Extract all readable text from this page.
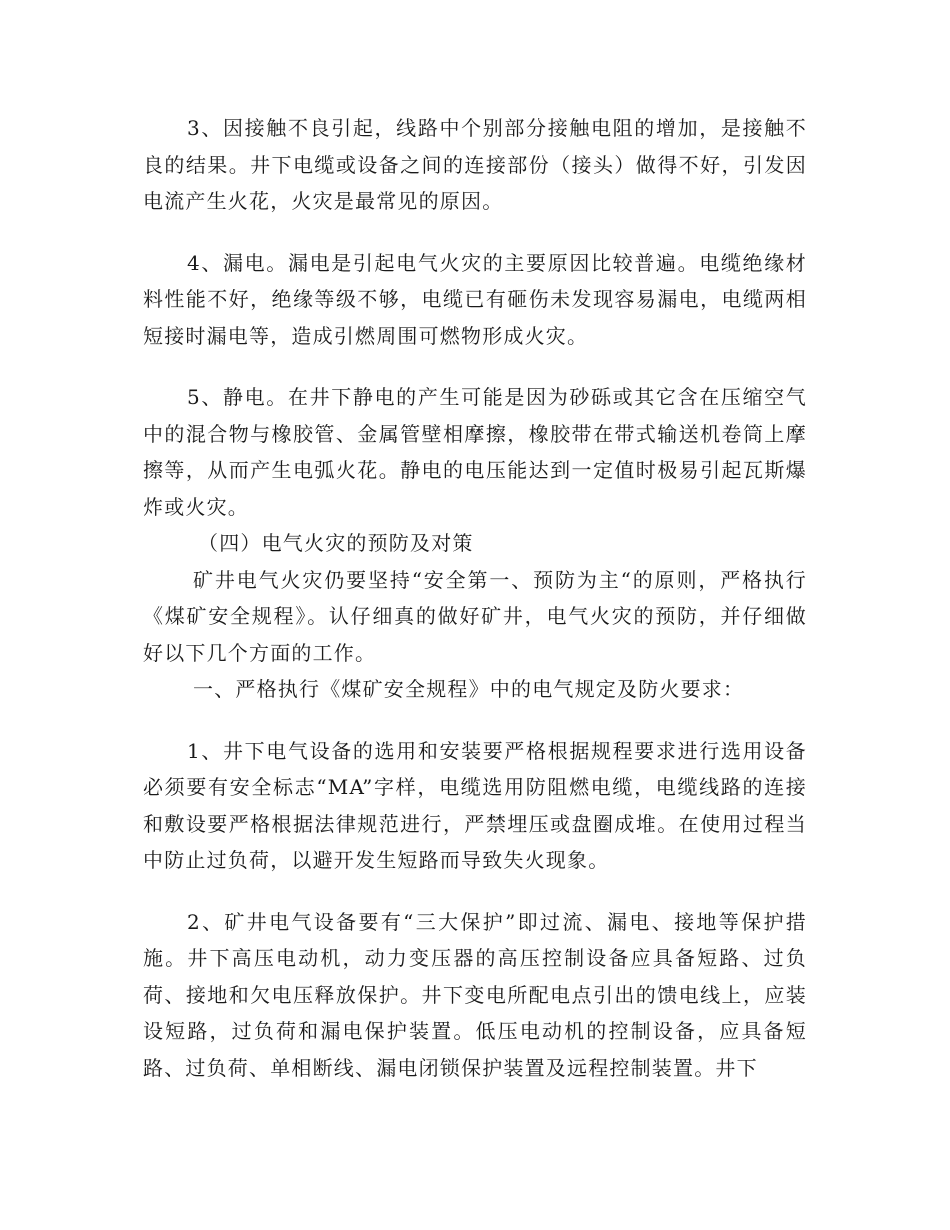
3、因接触不良引起，线路中个别部分接触电阻的增加，是接触不良的结果。井下电缆或设备之间的连接部份（接头）做得不好，引发因电流产生火花，火灾是最常见的原因。

4、漏电。漏电是引起电气火灾的主要原因比较普遍。电缆绝缘材料性能不好，绝缘等级不够，电缆已有砸伤未发现容易漏电，电缆两相短接时漏电等，造成引燃周围可燃物形成火灾。

5、静电。在井下静电的产生可能是因为砂砾或其它含在压缩空气中的混合物与橡胶管、金属管壁相摩擦，橡胶带在带式输送机卷筒上摩擦等，从而产生电弧火花。静电的电压能达到一定值时极易引起瓦斯爆炸或火灾。

（四）电气火灾的预防及对策

矿井电气火灾仍要坚持“安全第一、预防为主“的原则，严格执行《煤矿安全规程》。认仔细真的做好矿井，电气火灾的预防，并仔细做好以下几个方面的工作。

一、严格执行《煤矿安全规程》中的电气规定及防火要求：

1、井下电气设备的选用和安装要严格根据规程要求进行选用设备必须要有安全标志“MA”字样，电缆选用防阻燃电缆，电缆线路的连接和敷设要严格根据法律规范进行，严禁埋压或盘圈成堆。在使用过程当中防止过负荷，以避开发生短路而导致失火现象。

2、矿井电气设备要有“三大保护”即过流、漏电、接地等保护措施。井下高压电动机，动力变压器的高压控制设备应具备短路、过负荷、接地和欠电压释放保护。井下变电所配电点引出的馈电线上，应装设短路，过负荷和漏电保护装置。低压电动机的控制设备，应具备短路、过负荷、单相断线、漏电闭锁保护装置及远程控制装置。井下
